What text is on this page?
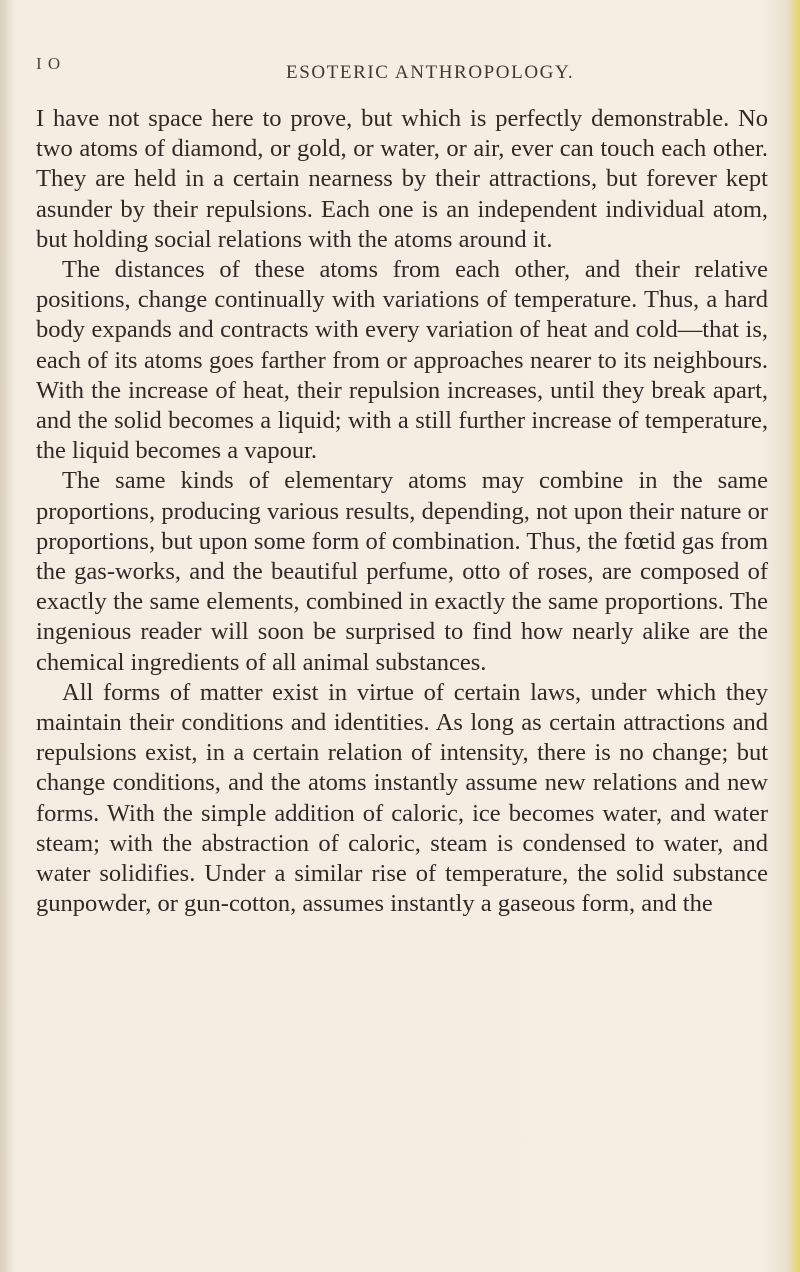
I O	ESOTERIC ANTHROPOLOGY.

I have not space here to prove, but which is perfectly demonstrable. No two atoms of diamond, or gold, or water, or air, ever can touch each other. They are held in a certain nearness by their attractions, but forever kept asunder by their repulsions. Each one is an independent individual atom, but holding social relations with the atoms around it.

The distances of these atoms from each other, and their relative positions, change continually with variations of temperature. Thus, a hard body expands and contracts with every variation of heat and cold—that is, each of its atoms goes farther from or approaches nearer to its neighbours. With the increase of heat, their repulsion increases, until they break apart, and the solid becomes a liquid; with a still further increase of temperature, the liquid becomes a vapour.

The same kinds of elementary atoms may combine in the same proportions, producing various results, depending, not upon their nature or proportions, but upon some form of combination. Thus, the fœtid gas from the gas-works, and the beautiful perfume, otto of roses, are composed of exactly the same elements, combined in exactly the same proportions. The ingenious reader will soon be surprised to find how nearly alike are the chemical ingredients of all animal substances.

All forms of matter exist in virtue of certain laws, under which they maintain their conditions and identities. As long as certain attractions and repulsions exist, in a certain relation of intensity, there is no change; but change conditions, and the atoms instantly assume new relations and new forms. With the simple addition of caloric, ice becomes water, and water steam; with the abstraction of caloric, steam is condensed to water, and water solidifies. Under a similar rise of temperature, the solid substance gunpowder, or gun-cotton, assumes instantly a gaseous form, and the
